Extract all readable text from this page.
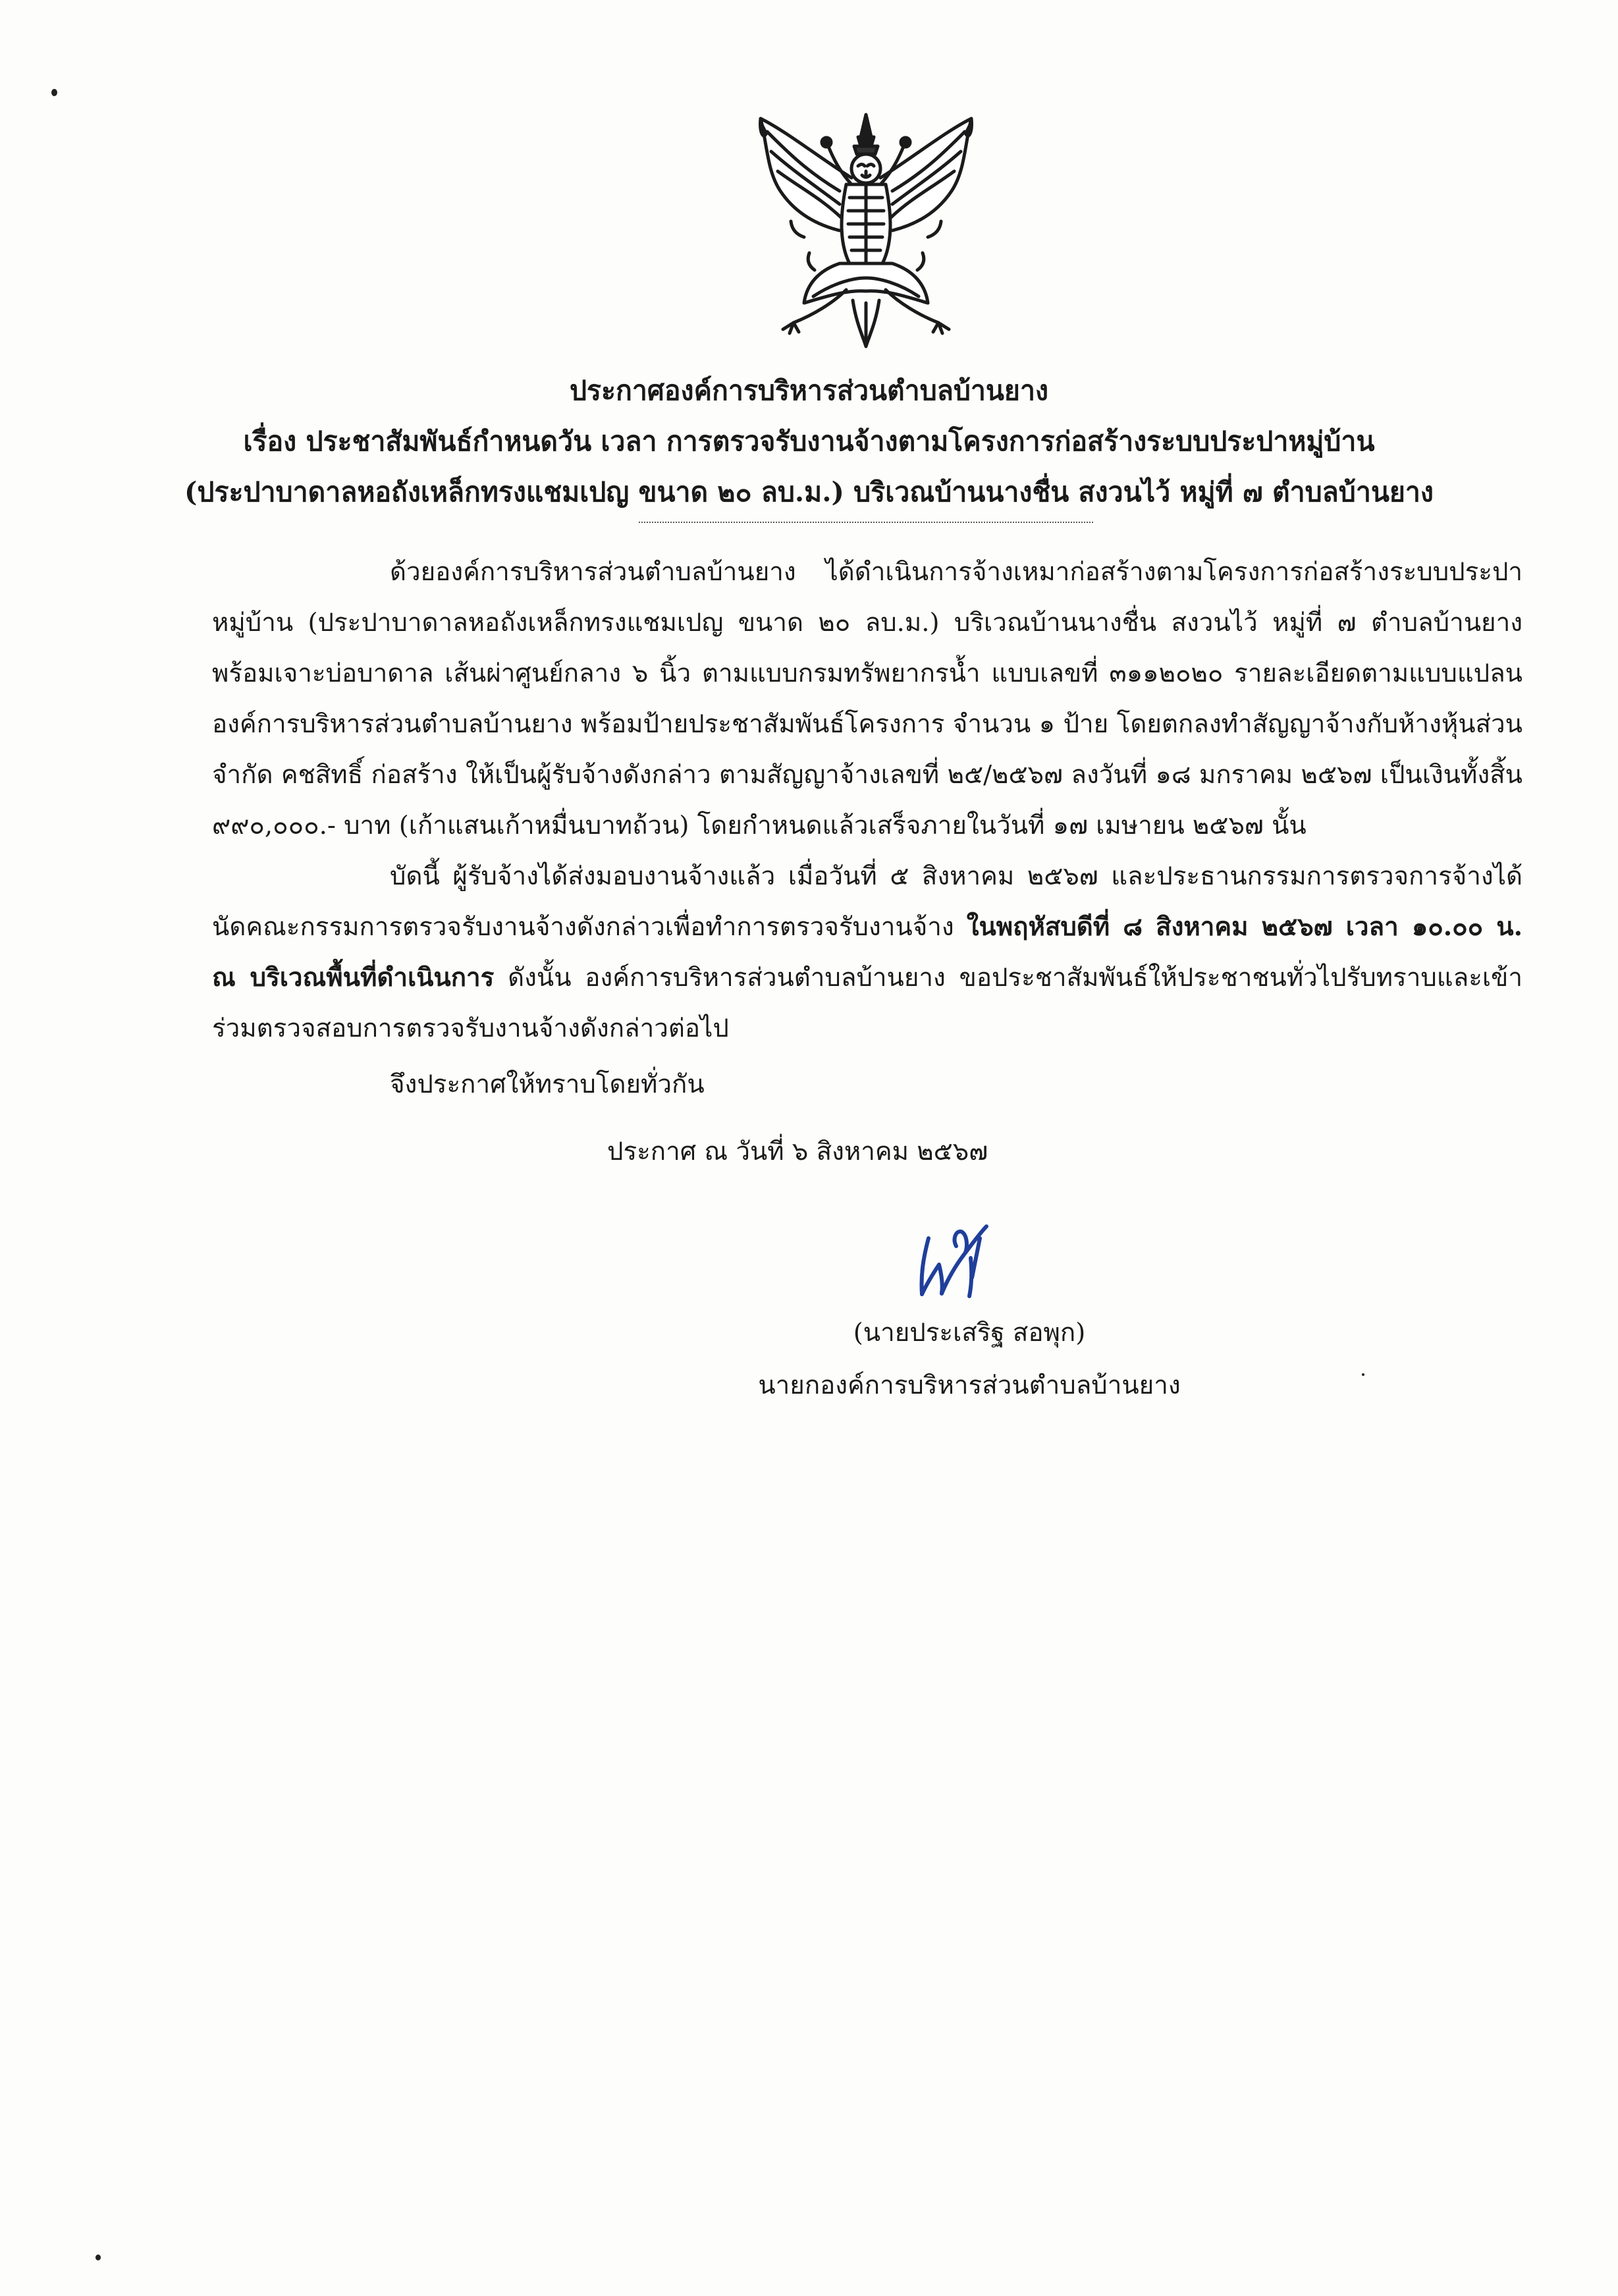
ประกาศองค์การบริหารส่วนตำบลบ้านยาง
เรื่อง ประชาสัมพันธ์กำหนดวัน เวลา การตรวจรับงานจ้างตามโครงการก่อสร้างระบบประปาหมู่บ้าน
(ประปาบาดาลหอถังเหล็กทรงแชมเปญ ขนาด ๒๐ ลบ.ม.) บริเวณบ้านนางชื่น สงวนไว้ หมู่ที่ ๗ ตำบลบ้านยาง

ด้วยองค์การบริหารส่วนตำบลบ้านยาง ได้ดำเนินการจ้างเหมาก่อสร้างตามโครงการก่อสร้างระบบประปาหมู่บ้าน (ประปาบาดาลหอถังเหล็กทรงแชมเปญ ขนาด ๒๐ ลบ.ม.) บริเวณบ้านนางชื่น สงวนไว้ หมู่ที่ ๗ ตำบลบ้านยาง พร้อมเจาะบ่อบาดาล เส้นผ่าศูนย์กลาง ๖ นิ้ว ตามแบบกรมทรัพยากรน้ำ แบบเลขที่ ๓๑๑๒๐๒๐ รายละเอียดตามแบบแปลนองค์การบริหารส่วนตำบลบ้านยาง พร้อมป้ายประชาสัมพันธ์โครงการ จำนวน ๑ ป้าย โดยตกลงทำสัญญาจ้างกับห้างหุ้นส่วนจำกัด คชสิทธิ์ ก่อสร้าง ให้เป็นผู้รับจ้างดังกล่าว ตามสัญญาจ้างเลขที่ ๒๕/๒๕๖๗ ลงวันที่ ๑๘ มกราคม ๒๕๖๗ เป็นเงินทั้งสิ้น ๙๙๐,๐๐๐.- บาท (เก้าแสนเก้าหมื่นบาทถ้วน) โดยกำหนดแล้วเสร็จภายในวันที่ ๑๗ เมษายน ๒๕๖๗ นั้น

บัดนี้ ผู้รับจ้างได้ส่งมอบงานจ้างแล้ว เมื่อวันที่ ๕ สิงหาคม ๒๕๖๗ และประธานกรรมการตรวจการจ้างได้นัดคณะกรรมการตรวจรับงานจ้างดังกล่าวเพื่อทำการตรวจรับงานจ้าง ในพฤหัสบดีที่ ๘ สิงหาคม ๒๕๖๗ เวลา ๑๐.๐๐ น. ณ บริเวณพื้นที่ดำเนินการ ดังนั้น องค์การบริหารส่วนตำบลบ้านยาง ขอประชาสัมพันธ์ให้ประชาชนทั่วไปรับทราบและเข้าร่วมตรวจสอบการตรวจรับงานจ้างดังกล่าวต่อไป

จึงประกาศให้ทราบโดยทั่วกัน
ประกาศ ณ วันที่ ๖ สิงหาคม ๒๕๖๗
(นายประเสริฐ สอพุก)
นายกองค์การบริหารส่วนตำบลบ้านยาง
